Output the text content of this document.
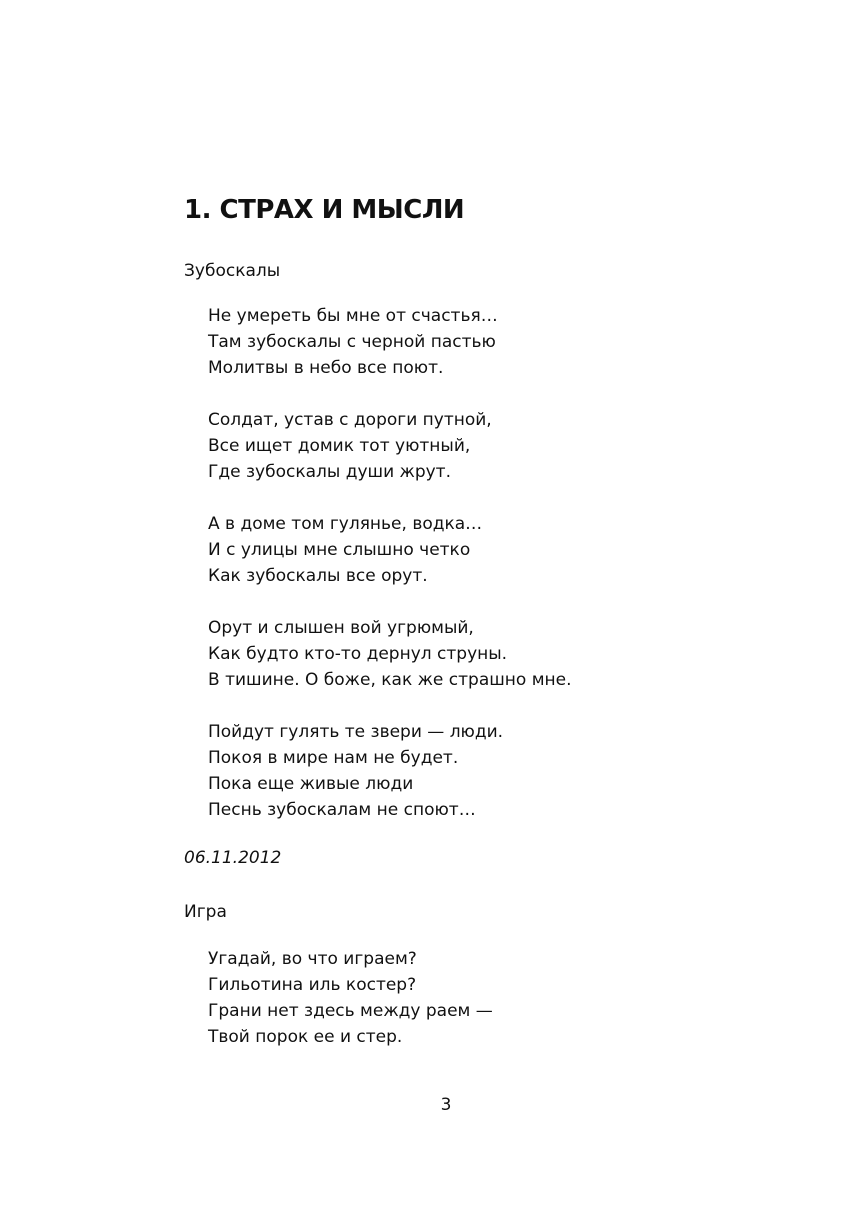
1. СТРАХ И МЫСЛИ
Зубоскалы
Не умереть бы мне от счастья…
Там зубоскалы с черной пастью
Молитвы в небо все поют.
Солдат, устав с дороги путной,
Все ищет домик тот уютный,
Где зубоскалы души жрут.
А в доме том гулянье, водка…
И с улицы мне слышно четко
Как зубоскалы все орут.
Орут и слышен вой угрюмый,
Как будто кто-то дернул струны.
В тишине. О боже, как же страшно мне.
Пойдут гулять те звери — люди.
Покоя в мире нам не будет.
Пока еще живые люди
Песнь зубоскалам не споют…
06.11.2012
Игра
Угадай, во что играем?
Гильотина иль костер?
Грани нет здесь между раем —
Твой порок ее и стер.
3
